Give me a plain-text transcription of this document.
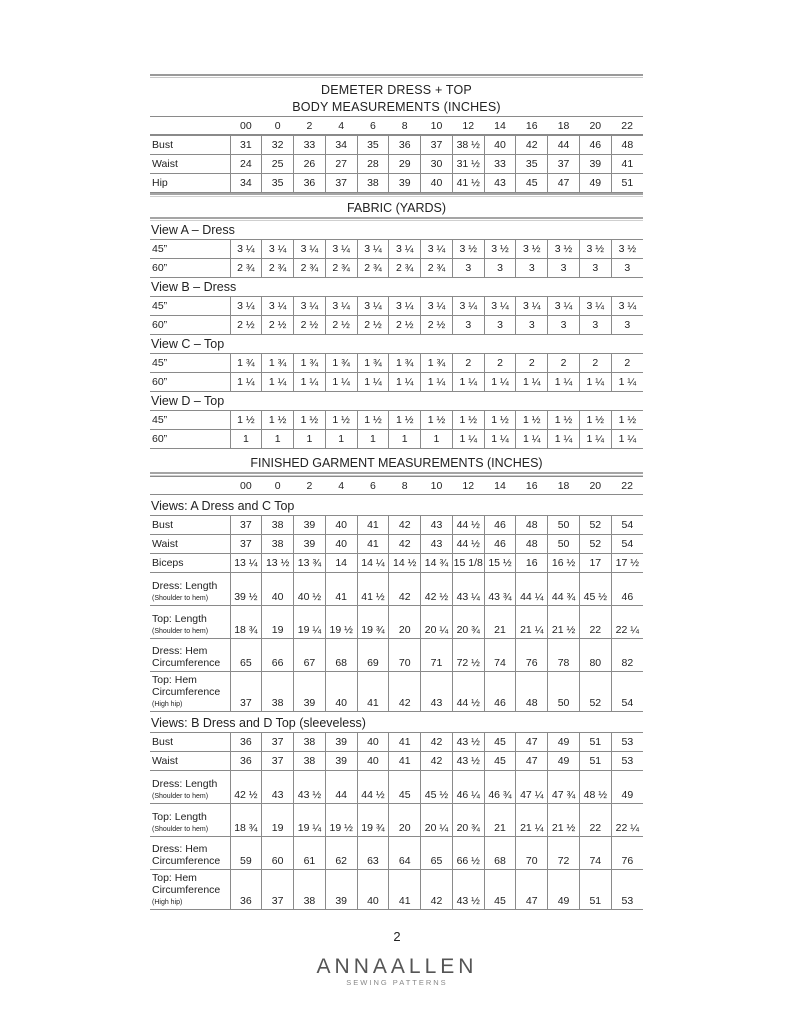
DEMETER DRESS + TOP
BODY MEASUREMENTS (INCHES)
	00	0	2	4	6	8	10	12	14	16	18	20	22
Bust	31	32	33	34	35	36	37	38 ½	40	42	44	46	48

Waist	24	25	26	27	28	29	30	31 ½	33	35	37	39	41

Hip	34	35	36	37	38	39	40	41 ½	43	45	47	49	51
FABRIC (YARDS)
View A – Dress
45”	3 ¼	3 ¼	3 ¼	3 ¼	3 ¼	3 ¼	3 ¼	3 ½	3 ½	3 ½	3 ½	3 ½	3 ½

60”	2 ¾	2 ¾	2 ¾	2 ¾	2 ¾	2 ¾	2 ¾	3	3	3	3	3	3
View B – Dress
45”	3 ¼	3 ¼	3 ¼	3 ¼	3 ¼	3 ¼	3 ¼	3 ¼	3 ¼	3 ¼	3 ¼	3 ¼	3 ¼

60”	2 ½	2 ½	2 ½	2 ½	2 ½	2 ½	2 ½	3	3	3	3	3	3
View C – Top
45”	1 ¾	1 ¾	1 ¾	1 ¾	1 ¾	1 ¾	1 ¾	2	2	2	2	2	2

60”	1 ¼	1 ¼	1 ¼	1 ¼	1 ¼	1 ¼	1 ¼	1 ¼	1 ¼	1 ¼	1 ¼	1 ¼	1 ¼
View D – Top
45”	1 ½	1 ½	1 ½	1 ½	1 ½	1 ½	1 ½	1 ½	1 ½	1 ½	1 ½	1 ½	1 ½

60”	1	1	1	1	1	1	1	1 ¼	1 ¼	1 ¼	1 ¼	1 ¼	1 ¼
FINISHED GARMENT MEASUREMENTS (INCHES)
	00	0	2	4	6	8	10	12	14	16	18	20	22
Views: A Dress and C Top
Bust	37	38	39	40	41	42	43	44 ½	46	48	50	52	54

Waist	37	38	39	40	41	42	43	44 ½	46	48	50	52	54

Biceps	13 ¼	13 ½	13 ¾	14	14 ¼	14 ½	14 ¾	15 1/8	15 ½	16	16 ½	17	17 ½

Dress: Length
(Shoulder to hem)	39 ½	40	40 ½	41	41 ½	42	42 ½	43 ¼	43 ¾	44 ¼	44 ¾	45 ½	46

Top: Length
(Shoulder to hem)	18 ¾	19	19 ¼	19 ½	19 ¾	20	20 ¼	20 ¾	21	21 ¼	21 ½	22	22 ¼

Dress: Hem
Circumference	65	66	67	68	69	70	71	72 ½	74	76	78	80	82

Top: Hem
Circumference
(High hip)	37	38	39	40	41	42	43	44 ½	46	48	50	52	54
Views: B Dress and D Top (sleeveless)
Bust	36	37	38	39	40	41	42	43 ½	45	47	49	51	53

Waist	36	37	38	39	40	41	42	43 ½	45	47	49	51	53

Dress: Length
(Shoulder to hem)	42 ½	43	43 ½	44	44 ½	45	45 ½	46 ¼	46 ¾	47 ¼	47 ¾	48 ½	49

Top: Length
(Shoulder to hem)	18 ¾	19	19 ¼	19 ½	19 ¾	20	20 ¼	20 ¾	21	21 ¼	21 ½	22	22 ¼

Dress: Hem
Circumference	59	60	61	62	63	64	65	66 ½	68	70	72	74	76

Top: Hem
Circumference
(High hip)	36	37	38	39	40	41	42	43 ½	45	47	49	51	53
2
ANNAALLEN
SEWING PATTERNS
